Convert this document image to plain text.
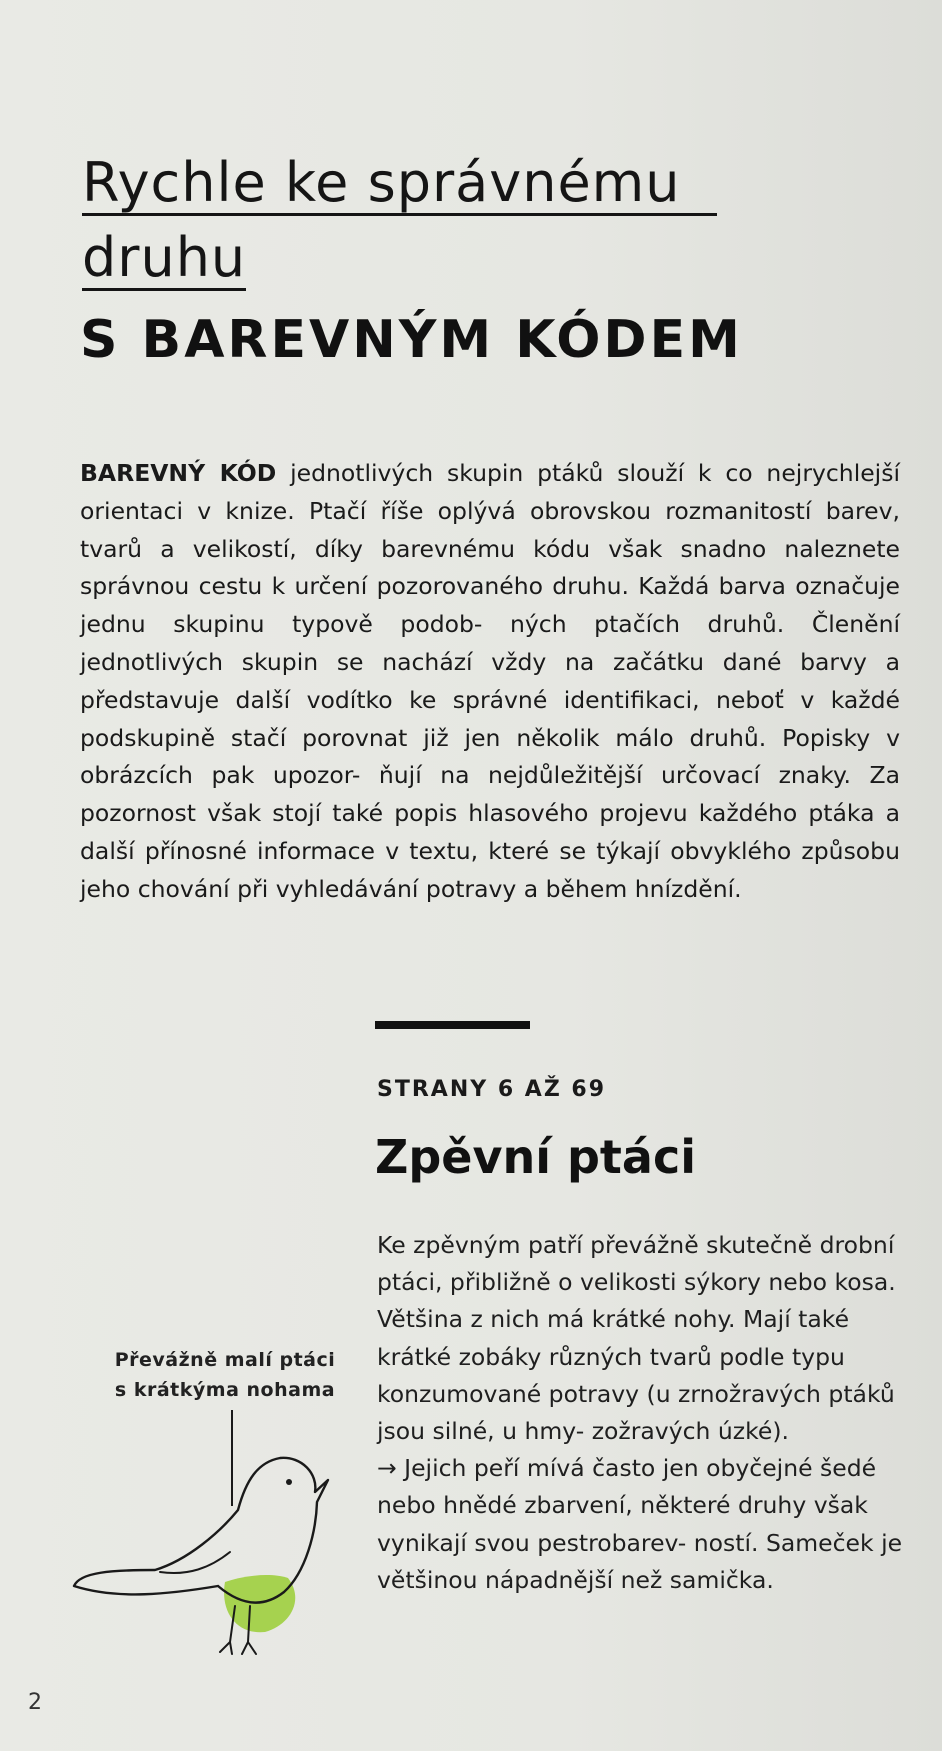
Rychle ke správnému
druhu
S BAREVNÝM KÓDEM

BAREVNÝ KÓD jednotlivých skupin ptáků slouží k co nejrychlejší orientaci v knize. Ptačí říše oplývá obrovskou rozmanitostí barev, tvarů a velikostí, díky barevnému kódu však snadno naleznete správnou cestu k určení pozorovaného druhu. Každá barva označuje jednu skupinu typově podob- ných ptačích druhů. Členění jednotlivých skupin se nachází vždy na začátku dané barvy a představuje další vodítko ke správné identifikaci, neboť v každé podskupině stačí porovnat již jen několik málo druhů. Popisky v obrázcích pak upozor- ňují na nejdůležitější určovací znaky. Za pozornost však stojí také popis hlasového projevu každého ptáka a další přínosné informace v textu, které se týkají obvyklého způsobu jeho chování při vyhledávání potravy a během hnízdění.

STRANY 6 AŽ 69
Zpěvní ptáci

Ke zpěvným patří převážně skutečně drobní ptáci, přibližně o velikosti sýkory nebo kosa. Většina z nich má krátké nohy. Mají také krátké zobáky různých tvarů podle typu konzumované potravy (u zrnožravých ptáků jsou silné, u hmy- zožravých úzké).

→ Jejich peří mívá často jen obyčejné šedé nebo hnědé zbarvení, některé druhy však vynikají svou pestrobarev- ností. Sameček je většinou nápadnější než samička.

Převážně malí ptáci
s krátkýma nohama
2
